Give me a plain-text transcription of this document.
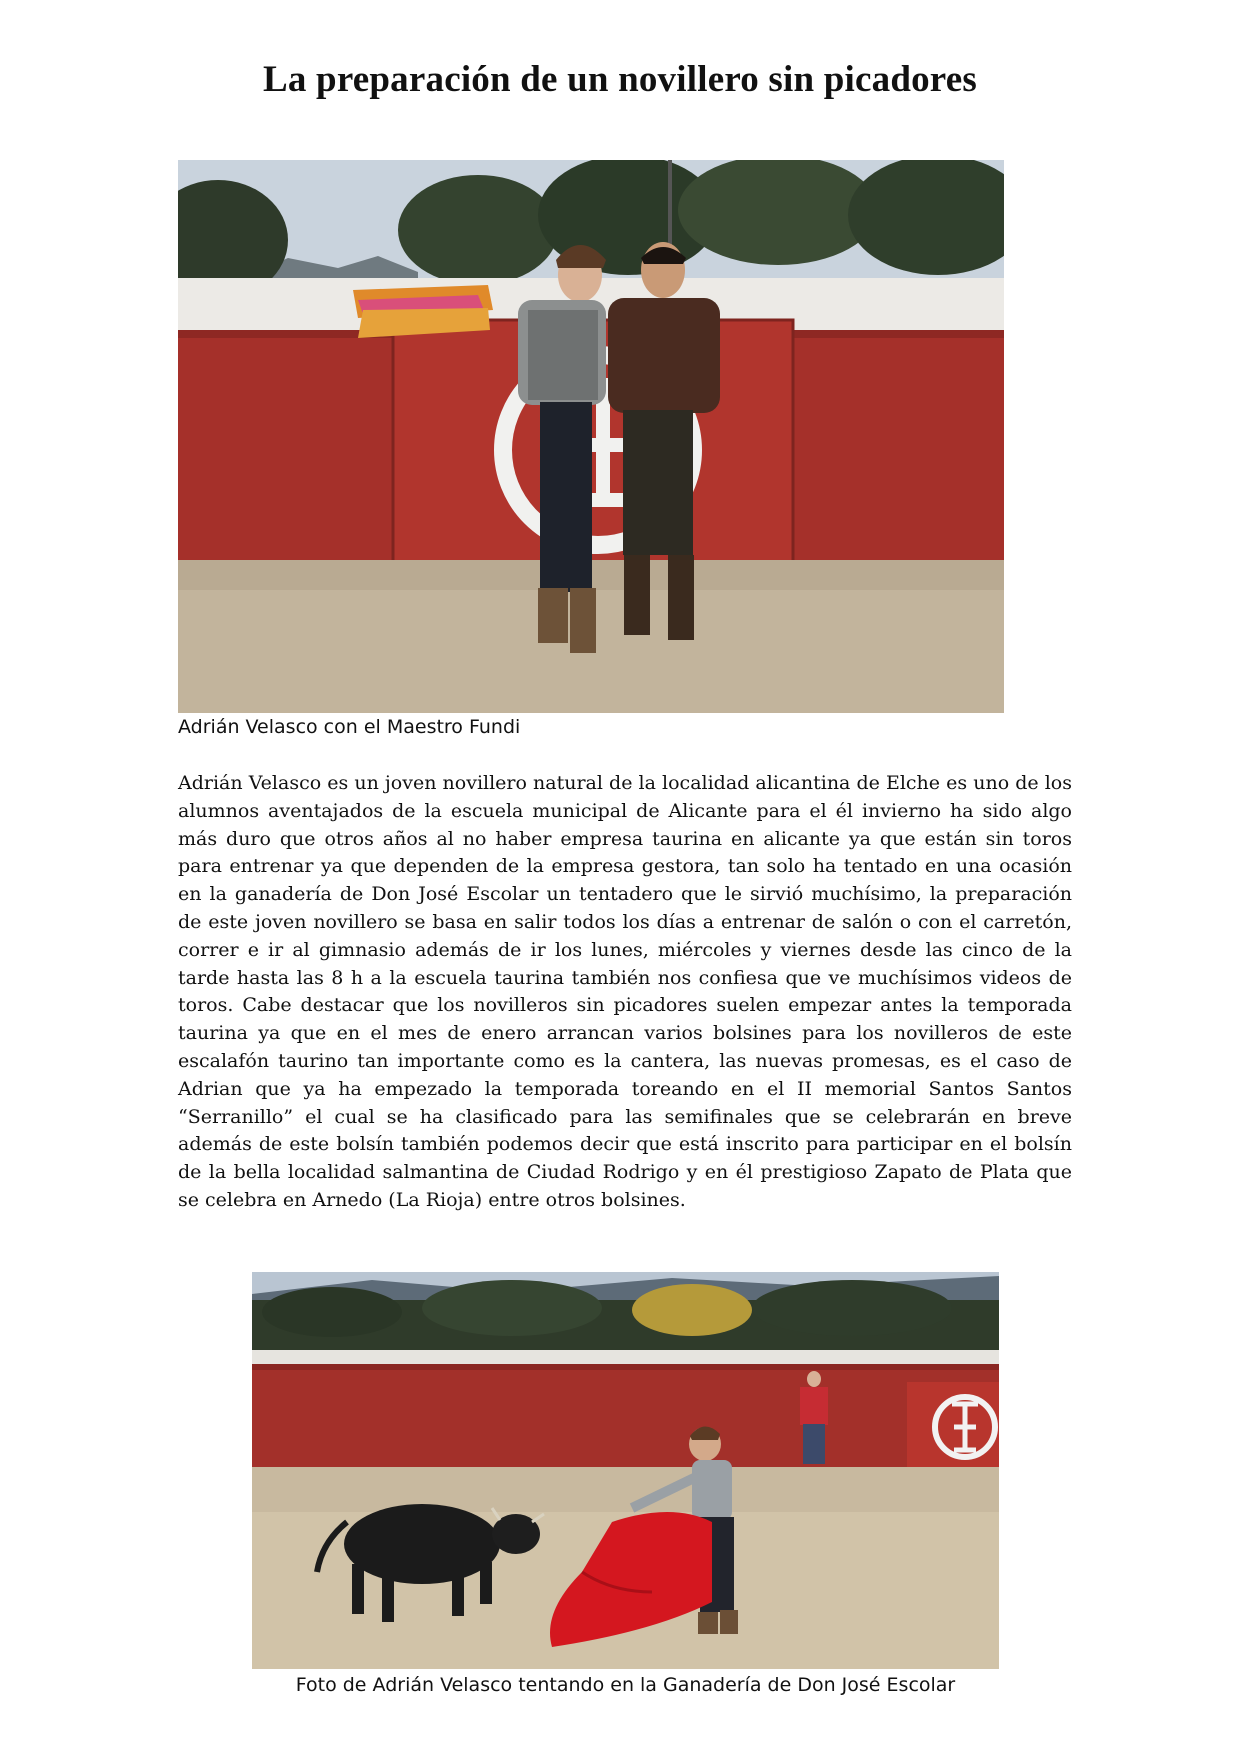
La preparación de un novillero sin picadores
Adrián Velasco con el Maestro Fundi

Adrián Velasco es un joven novillero natural de la localidad alicantina de Elche es uno de los alumnos aventajados de la escuela municipal de Alicante para el él invierno ha sido algo más duro que otros años al no haber empresa taurina en alicante ya que están sin toros para entrenar ya que dependen de la empresa gestora, tan solo ha tentado en una ocasión en la ganadería de Don José Escolar un tentadero que le sirvió muchísimo, la preparación de este joven novillero se basa en salir todos los días a entrenar de salón o con el carretón, correr e ir al gimnasio además de ir los lunes, miércoles y viernes desde las cinco de la tarde hasta las 8 h a la escuela taurina también nos confiesa que ve muchísimos videos de toros. Cabe destacar que los novilleros sin picadores suelen empezar antes la temporada taurina ya que en el mes de enero arrancan varios bolsines para los novilleros de este escalafón taurino tan importante como es la cantera, las nuevas promesas, es el caso de Adrian que ya ha empezado la temporada toreando en el II memorial Santos Santos “Serranillo” el cual se ha clasificado para las semifinales que se celebrarán en breve además de este bolsín también podemos decir que está inscrito para participar en el bolsín de la bella localidad salmantina de Ciudad Rodrigo y en él prestigioso Zapato de Plata que se celebra en Arnedo (La Rioja) entre otros bolsines.

Foto de Adrián Velasco tentando en la Ganadería de Don José Escolar
